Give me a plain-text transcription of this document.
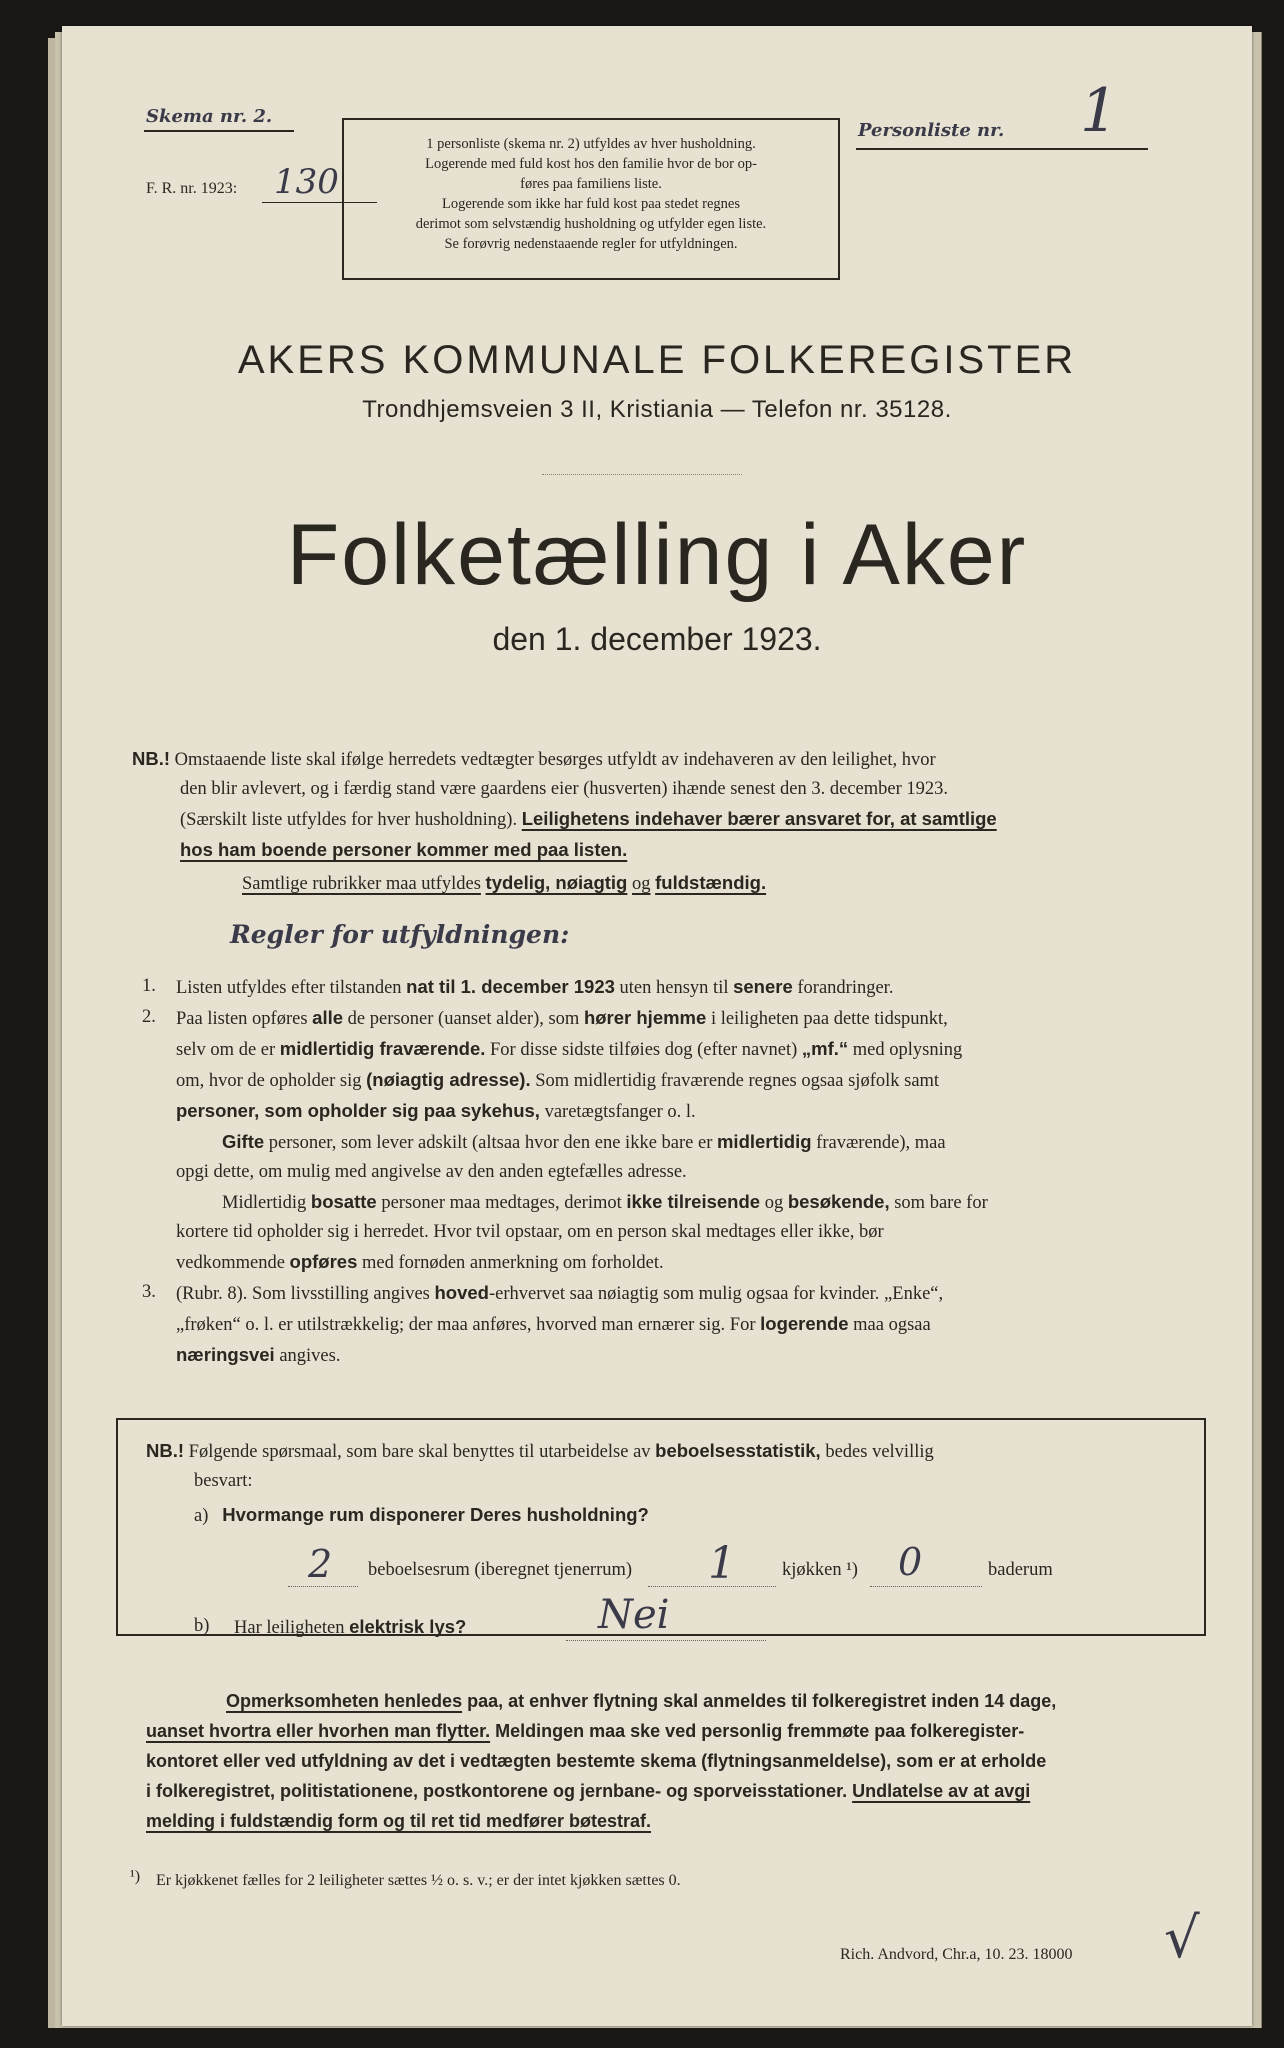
Skema nr. 2.
F. R. nr. 1923: 130
1 personliste (skema nr. 2) utfyldes av hver husholdning.
Logerende med fuld kost hos den familie hvor de bor op-
føres paa familiens liste.
Logerende som ikke har fuld kost paa stedet regnes
derimot som selvstændig husholdning og utfylder egen liste.
Se forøvrig nedenstaaende regler for utfyldningen.
Personliste nr. 1
AKERS KOMMUNALE FOLKEREGISTER
Trondhjemsveien 3 II, Kristiania — Telefon nr. 35128.
Folketælling i Aker
den 1. december 1923.
NB.! Omstaaende liste skal ifølge herredets vedtægter besørges utfyldt av indehaveren av den leilighet, hvor
den blir avlevert, og i færdig stand være gaardens eier (husverten) ihænde senest den 3. december 1923.
(Særskilt liste utfyldes for hver husholdning). Leilighetens indehaver bærer ansvaret for, at samtlige
hos ham boende personer kommer med paa listen.
Samtlige rubrikker maa utfyldes tydelig, nøiagtig og fuldstændig.
Regler for utfyldningen:
1.	Listen utfyldes efter tilstanden nat til 1. december 1923 uten hensyn til senere forandringer.
2.	Paa listen opføres alle de personer (uanset alder), som hører hjemme i leiligheten paa dette tidspunkt,
selv om de er midlertidig fraværende. For disse sidste tilføies dog (efter navnet) „mf.“ med oplysning
om, hvor de opholder sig (nøiagtig adresse). Som midlertidig fraværende regnes ogsaa sjøfolk samt
personer, som opholder sig paa sykehus, varetægtsfanger o. l.
Gifte personer, som lever adskilt (altsaa hvor den ene ikke bare er midlertidig fraværende), maa
opgi dette, om mulig med angivelse av den anden egtefælles adresse.
Midlertidig bosatte personer maa medtages, derimot ikke tilreisende og besøkende, som bare for
kortere tid opholder sig i herredet. Hvor tvil opstaar, om en person skal medtages eller ikke, bør
vedkommende opføres med fornøden anmerkning om forholdet.
3.	(Rubr. 8). Som livsstilling angives hoved-erhvervet saa nøiagtig som mulig ogsaa for kvinder. „Enke“,
„frøken“ o. l. er utilstrækkelig; der maa anføres, hvorved man ernærer sig. For logerende maa ogsaa
næringsvei angives.
NB.! Følgende spørsmaal, som bare skal benyttes til utarbeidelse av beboelsesstatistik, bedes velvillig
besvart:
a) Hvormange rum disponerer Deres husholdning?
2 beboelsesrum (iberegnet tjenerrum) 1 kjøkken ¹) 0	baderum
b) Har leiligheten elektrisk lys?	Nei
Opmerksomheten henledes paa, at enhver flytning skal anmeldes til folkeregistret inden 14 dage,
uanset hvortra eller hvorhen man flytter. Meldingen maa ske ved personlig fremmøte paa folkeregister-
kontoret eller ved utfyldning av det i vedtægten bestemte skema (flytningsanmeldelse), som er at erholde
i folkeregistret, politistationene, postkontorene og jernbane- og sporveisstationer. Undlatelse av at avgi
melding i fuldstændig form og til ret tid medfører bøtestraf.
¹) Er kjøkkenet fælles for 2 leiligheter sættes ½ o. s. v.; er der intet kjøkken sættes 0.
Rich. Andvord, Chr.a, 10. 23. 18000 √
